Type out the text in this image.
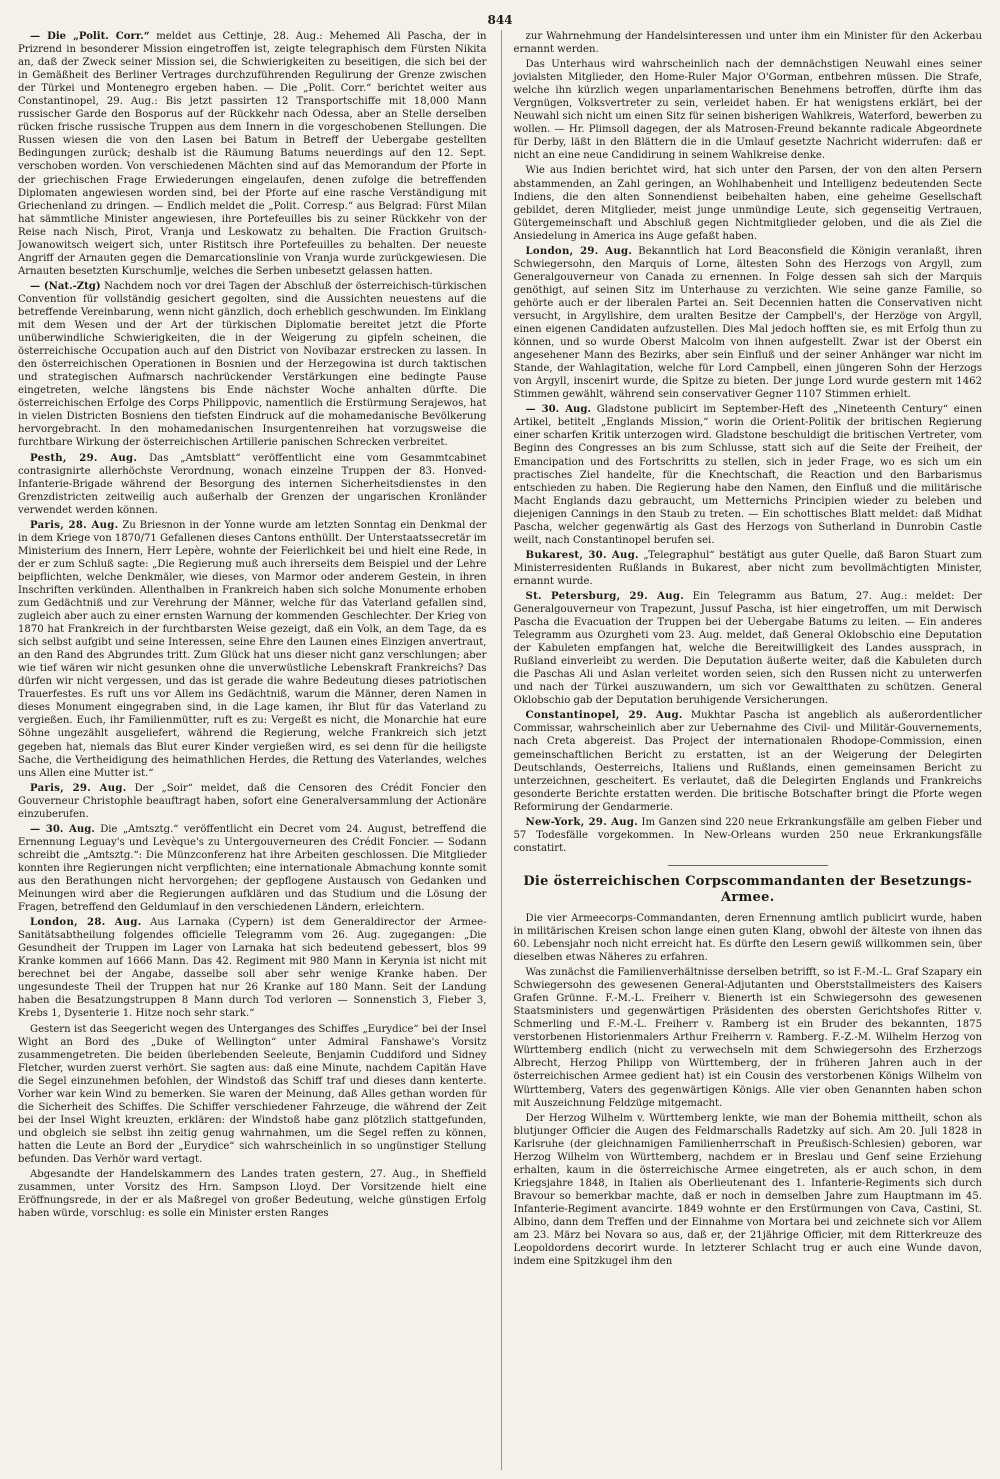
844

— Die „Polit. Corr.“ meldet aus Cettinje, 28. Aug.: Mehemed Ali Pascha, der in Prizrend in besonderer Mission eingetroffen ist, zeigte telegraphisch dem Fürsten Nikita an, daß der Zweck seiner Mission sei, die Schwierigkeiten zu beseitigen, die sich bei der in Gemäßheit des Berliner Vertrages durchzuführenden Regulirung der Grenze zwischen der Türkei und Montenegro ergeben haben. — Die „Polit. Corr.“ berichtet weiter aus Constantinopel, 29. Aug.: Bis jetzt passirten 12 Transportschiffe mit 18,000 Mann russischer Garde den Bosporus auf der Rückkehr nach Odessa, aber an Stelle derselben rücken frische russische Truppen aus dem Innern in die vorgeschobenen Stellungen. Die Russen wiesen die von den Lasen bei Batum in Betreff der Uebergabe gestellten Bedingungen zurück; deshalb ist die Räumung Batums neuerdings auf den 12. Sept. verschoben worden. Von verschiedenen Mächten sind auf das Memorandum der Pforte in der griechischen Frage Erwiederungen eingelaufen, denen zufolge die betreffenden Diplomaten angewiesen worden sind, bei der Pforte auf eine rasche Verständigung mit Griechenland zu dringen. — Endlich meldet die „Polit. Corresp.“ aus Belgrad: Fürst Milan hat sämmtliche Minister angewiesen, ihre Portefeuilles bis zu seiner Rückkehr von der Reise nach Nisch, Pirot, Vranja und Leskowatz zu behalten. Die Fraction Gruitsch-Jowanowitsch weigert sich, unter Ristitsch ihre Portefeuilles zu behalten. Der neueste Angriff der Arnauten gegen die Demarcationslinie von Vranja wurde zurückgewiesen. Die Arnauten besetzten Kurschumlje, welches die Serben unbesetzt gelassen hatten.

— (Nat.-Ztg) Nachdem noch vor drei Tagen der Abschluß der österreichisch-türkischen Convention für vollständig gesichert gegolten, sind die Aussichten neuestens auf die betreffende Vereinbarung, wenn nicht gänzlich, doch erheblich geschwunden. Im Einklang mit dem Wesen und der Art der türkischen Diplomatie bereitet jetzt die Pforte unüberwindliche Schwierigkeiten, die in der Weigerung zu gipfeln scheinen, die österreichische Occupation auch auf den District von Novibazar erstrecken zu lassen. In den österreichischen Operationen in Bosnien und der Herzegowina ist durch taktischen und strategischen Aufmarsch nachrückender Verstärkungen eine bedingte Pause eingetreten, welche längstens bis Ende nächster Woche anhalten dürfte. Die österreichischen Erfolge des Corps Philippovic, namentlich die Erstürmung Serajewos, hat in vielen Districten Bosniens den tiefsten Eindruck auf die mohamedanische Bevölkerung hervorgebracht. In den mohamedanischen Insurgentenreihen hat vorzugsweise die furchtbare Wirkung der österreichischen Artillerie panischen Schrecken verbreitet.

Pesth, 29. Aug. Das „Amtsblatt“ veröffentlicht eine vom Gesammtcabinet contrasignirte allerhöchste Verordnung, wonach einzelne Truppen der 83. Honved-Infanterie-Brigade während der Besorgung des internen Sicherheitsdienstes in den Grenzdistricten zeitweilig auch außerhalb der Grenzen der ungarischen Kronländer verwendet werden können.

Paris, 28. Aug. Zu Briesnon in der Yonne wurde am letzten Sonntag ein Denkmal der in dem Kriege von 1870/71 Gefallenen dieses Cantons enthüllt. Der Unterstaatssecretär im Ministerium des Innern, Herr Lepère, wohnte der Feierlichkeit bei und hielt eine Rede, in der er zum Schluß sagte: „Die Regierung muß auch ihrerseits dem Beispiel und der Lehre beipflichten, welche Denkmäler, wie dieses, von Marmor oder anderem Gestein, in ihren Inschriften verkünden. Allenthalben in Frankreich haben sich solche Monumente erhoben zum Gedächtniß und zur Verehrung der Männer, welche für das Vaterland gefallen sind, zugleich aber auch zu einer ernsten Warnung der kommenden Geschlechter. Der Krieg von 1870 hat Frankreich in der furchtbarsten Weise gezeigt, daß ein Volk, an dem Tage, da es sich selbst aufgibt und seine Interessen, seine Ehre den Launen eines Einzigen anvertraut, an den Rand des Abgrundes tritt. Zum Glück hat uns dieser nicht ganz verschlungen; aber wie tief wären wir nicht gesunken ohne die unverwüstliche Lebenskraft Frankreichs? Das dürfen wir nicht vergessen, und das ist gerade die wahre Bedeutung dieses patriotischen Trauerfestes. Es ruft uns vor Allem ins Gedächtniß, warum die Männer, deren Namen in dieses Monument eingegraben sind, in die Lage kamen, ihr Blut für das Vaterland zu vergießen. Euch, ihr Familienmütter, ruft es zu: Vergeßt es nicht, die Monarchie hat eure Söhne ungezählt ausgeliefert, während die Regierung, welche Frankreich sich jetzt gegeben hat, niemals das Blut eurer Kinder vergießen wird, es sei denn für die heiligste Sache, die Vertheidigung des heimathlichen Herdes, die Rettung des Vaterlandes, welches uns Allen eine Mutter ist.“

Paris, 29. Aug. Der „Soir“ meldet, daß die Censoren des Crédit Foncier den Gouverneur Christophle beauftragt haben, sofort eine Generalversammlung der Actionäre einzuberufen.

— 30. Aug. Die „Amtsztg.“ veröffentlicht ein Decret vom 24. August, betreffend die Ernennung Leguay's und Levèque's zu Untergouverneuren des Crédit Foncier. — Sodann schreibt die „Amtsztg.“: Die Münzconferenz hat ihre Arbeiten geschlossen. Die Mitglieder konnten ihre Regierungen nicht verpflichten; eine internationale Abmachung konnte somit aus den Berathungen nicht hervorgehen; der gepflogene Austausch von Gedanken und Meinungen wird aber die Regierungen aufklären und das Studium und die Lösung der Fragen, betreffend den Geldumlauf in den verschiedenen Ländern, erleichtern.

London, 28. Aug. Aus Larnaka (Cypern) ist dem Generaldirector der Armee-Sanitätsabtheilung folgendes officielle Telegramm vom 26. Aug. zugegangen: „Die Gesundheit der Truppen im Lager von Larnaka hat sich bedeutend gebessert, blos 99 Kranke kommen auf 1666 Mann. Das 42. Regiment mit 980 Mann in Kerynia ist nicht mit berechnet bei der Angabe, dasselbe soll aber sehr wenige Kranke haben. Der ungesundeste Theil der Truppen hat nur 26 Kranke auf 180 Mann. Seit der Landung haben die Besatzungstruppen 8 Mann durch Tod verloren — Sonnenstich 3, Fieber 3, Krebs 1, Dysenterie 1. Hitze noch sehr stark.“

Gestern ist das Seegericht wegen des Unterganges des Schiffes „Eurydice“ bei der Insel Wight an Bord des „Duke of Wellington“ unter Admiral Fanshawe's Vorsitz zusammengetreten. Die beiden überlebenden Seeleute, Benjamin Cuddiford und Sidney Fletcher, wurden zuerst verhört. Sie sagten aus: daß eine Minute, nachdem Capitän Have die Segel einzunehmen befohlen, der Windstoß das Schiff traf und dieses dann kenterte. Vorher war kein Wind zu bemerken. Sie waren der Meinung, daß Alles gethan worden für die Sicherheit des Schiffes. Die Schiffer verschiedener Fahrzeuge, die während der Zeit bei der Insel Wight kreuzten, erklären: der Windstoß habe ganz plötzlich stattgefunden, und obgleich sie selbst ihn zeitig genug wahrnahmen, um die Segel reffen zu können, hatten die Leute an Bord der „Eurydice“ sich wahrscheinlich in so ungünstiger Stellung befunden. Das Verhör ward vertagt.

Abgesandte der Handelskammern des Landes traten gestern, 27. Aug., in Sheffield zusammen, unter Vorsitz des Hrn. Sampson Lloyd. Der Vorsitzende hielt eine Eröffnungsrede, in der er als Maßregel von großer Bedeutung, welche günstigen Erfolg haben würde, vorschlug: es solle ein Minister ersten Ranges

zur Wahrnehmung der Handelsinteressen und unter ihm ein Minister für den Ackerbau ernannt werden.

Das Unterhaus wird wahrscheinlich nach der demnächstigen Neuwahl eines seiner jovialsten Mitglieder, den Home-Ruler Major O'Gorman, entbehren müssen. Die Strafe, welche ihn kürzlich wegen unparlamentarischen Benehmens betroffen, dürfte ihm das Vergnügen, Volksvertreter zu sein, verleidet haben. Er hat wenigstens erklärt, bei der Neuwahl sich nicht um einen Sitz für seinen bisherigen Wahlkreis, Waterford, bewerben zu wollen. — Hr. Plimsoll dagegen, der als Matrosen-Freund bekannte radicale Abgeordnete für Derby, läßt in den Blättern die in die Umlauf gesetzte Nachricht widerrufen: daß er nicht an eine neue Candidirung in seinem Wahlkreise denke.

Wie aus Indien berichtet wird, hat sich unter den Parsen, der von den alten Persern abstammenden, an Zahl geringen, an Wohlhabenheit und Intelligenz bedeutenden Secte Indiens, die den alten Sonnendienst beibehalten haben, eine geheime Gesellschaft gebildet, deren Mitglieder, meist junge unmündige Leute, sich gegenseitig Vertrauen, Gütergemeinschaft und Abschluß gegen Nichtmitglieder geloben, und die als Ziel die Ansiedelung in America ins Auge gefaßt haben.

London, 29. Aug. Bekanntlich hat Lord Beaconsfield die Königin veranlaßt, ihren Schwiegersohn, den Marquis of Lorne, ältesten Sohn des Herzogs von Argyll, zum Generalgouverneur von Canada zu ernennen. In Folge dessen sah sich der Marquis genöthigt, auf seinen Sitz im Unterhause zu verzichten. Wie seine ganze Familie, so gehörte auch er der liberalen Partei an. Seit Decennien hatten die Conservativen nicht versucht, in Argyllshire, dem uralten Besitze der Campbell's, der Herzöge von Argyll, einen eigenen Candidaten aufzustellen. Dies Mal jedoch hofften sie, es mit Erfolg thun zu können, und so wurde Oberst Malcolm von ihnen aufgestellt. Zwar ist der Oberst ein angesehener Mann des Bezirks, aber sein Einfluß und der seiner Anhänger war nicht im Stande, der Wahlagitation, welche für Lord Campbell, einen jüngeren Sohn der Herzogs von Argyll, inscenirt wurde, die Spitze zu bieten. Der junge Lord wurde gestern mit 1462 Stimmen gewählt, während sein conservativer Gegner 1107 Stimmen erhielt.

— 30. Aug. Gladstone publicirt im September-Heft des „Nineteenth Century“ einen Artikel, betitelt „Englands Mission,“ worin die Orient-Politik der britischen Regierung einer scharfen Kritik unterzogen wird. Gladstone beschuldigt die britischen Vertreter, vom Beginn des Congresses an bis zum Schlusse, statt sich auf die Seite der Freiheit, der Emancipation und des Fortschritts zu stellen, sich in jeder Frage, wo es sich um ein practisches Ziel handelte, für die Knechtschaft, die Reaction und den Barbarismus entschieden zu haben. Die Regierung habe den Namen, den Einfluß und die militärische Macht Englands dazu gebraucht, um Metternichs Principien wieder zu beleben und diejenigen Cannings in den Staub zu treten. — Ein schottisches Blatt meldet: daß Midhat Pascha, welcher gegenwärtig als Gast des Herzogs von Sutherland in Dunrobin Castle weilt, nach Constantinopel berufen sei.

Bukarest, 30. Aug. „Telegraphul“ bestätigt aus guter Quelle, daß Baron Stuart zum Ministerresidenten Rußlands in Bukarest, aber nicht zum bevollmächtigten Minister, ernannt wurde.

St. Petersburg, 29. Aug. Ein Telegramm aus Batum, 27. Aug.: meldet: Der Generalgouverneur von Trapezunt, Jussuf Pascha, ist hier eingetroffen, um mit Derwisch Pascha die Evacuation der Truppen bei der Uebergabe Batums zu leiten. — Ein anderes Telegramm aus Ozurgheti vom 23. Aug. meldet, daß General Oklobschio eine Deputation der Kabuleten empfangen hat, welche die Bereitwilligkeit des Landes aussprach, in Rußland einverleibt zu werden. Die Deputation äußerte weiter, daß die Kabuleten durch die Paschas Ali und Aslan verleitet worden seien, sich den Russen nicht zu unterwerfen und nach der Türkei auszuwandern, um sich vor Gewaltthaten zu schützen. General Oklobschio gab der Deputation beruhigende Versicherungen.

Constantinopel, 29. Aug. Mukhtar Pascha ist angeblich als außerordentlicher Commissar, wahrscheinlich aber zur Uebernahme des Civil- und Militär-Gouvernements, nach Creta abgereist. Das Project der internationalen Rhodope-Commission, einen gemeinschaftlichen Bericht zu erstatten, ist an der Weigerung der Delegirten Deutschlands, Oesterreichs, Italiens und Rußlands, einen gemeinsamen Bericht zu unterzeichnen, gescheitert. Es verlautet, daß die Delegirten Englands und Frankreichs gesonderte Berichte erstatten werden. Die britische Botschafter bringt die Pforte wegen Reformirung der Gendarmerie.

New-York, 29. Aug. Im Ganzen sind 220 neue Erkrankungsfälle am gelben Fieber und 57 Todesfälle vorgekommen. In New-Orleans wurden 250 neue Erkrankungsfälle constatirt.

Die österreichischen Corpscommandanten der Besetzungs-Armee.

Die vier Armeecorps-Commandanten, deren Ernennung amtlich publicirt wurde, haben in militärischen Kreisen schon lange einen guten Klang, obwohl der älteste von ihnen das 60. Lebensjahr noch nicht erreicht hat. Es dürfte den Lesern gewiß willkommen sein, über dieselben etwas Näheres zu erfahren.

Was zunächst die Familienverhältnisse derselben betrifft, so ist F.-M.-L. Graf Szapary ein Schwiegersohn des gewesenen General-Adjutanten und Oberststallmeisters des Kaisers Grafen Grünne. F.-M.-L. Freiherr v. Bienerth ist ein Schwiegersohn des gewesenen Staatsministers und gegenwärtigen Präsidenten des obersten Gerichtshofes Ritter v. Schmerling und F.-M.-L. Freiherr v. Ramberg ist ein Bruder des bekannten, 1875 verstorbenen Historienmalers Arthur Freiherrn v. Ramberg. F.-Z.-M. Wilhelm Herzog von Württemberg endlich (nicht zu verwechseln mit dem Schwiegersohn des Erzherzogs Albrecht, Herzog Philipp von Württemberg, der in früheren Jahren auch in der österreichischen Armee gedient hat) ist ein Cousin des verstorbenen Königs Wilhelm von Württemberg, Vaters des gegenwärtigen Königs. Alle vier oben Genannten haben schon mit Auszeichnung Feldzüge mitgemacht.

Der Herzog Wilhelm v. Württemberg lenkte, wie man der Bohemia mittheilt, schon als blutjunger Officier die Augen des Feldmarschalls Radetzky auf sich. Am 20. Juli 1828 in Karlsruhe (der gleichnamigen Familienherrschaft in Preußisch-Schlesien) geboren, war Herzog Wilhelm von Württemberg, nachdem er in Breslau und Genf seine Erziehung erhalten, kaum in die österreichische Armee eingetreten, als er auch schon, in dem Kriegsjahre 1848, in Italien als Oberlieutenant des 1. Infanterie-Regiments sich durch Bravour so bemerkbar machte, daß er noch in demselben Jahre zum Hauptmann im 45. Infanterie-Regiment avancirte. 1849 wohnte er den Erstürmungen von Cava, Castini, St. Albino, dann dem Treffen und der Einnahme von Mortara bei und zeichnete sich vor Allem am 23. März bei Novara so aus, daß er, der 21jährige Officier, mit dem Ritterkreuze des Leopoldordens decorirt wurde. In letzterer Schlacht trug er auch eine Wunde davon, indem eine Spitzkugel ihm den
